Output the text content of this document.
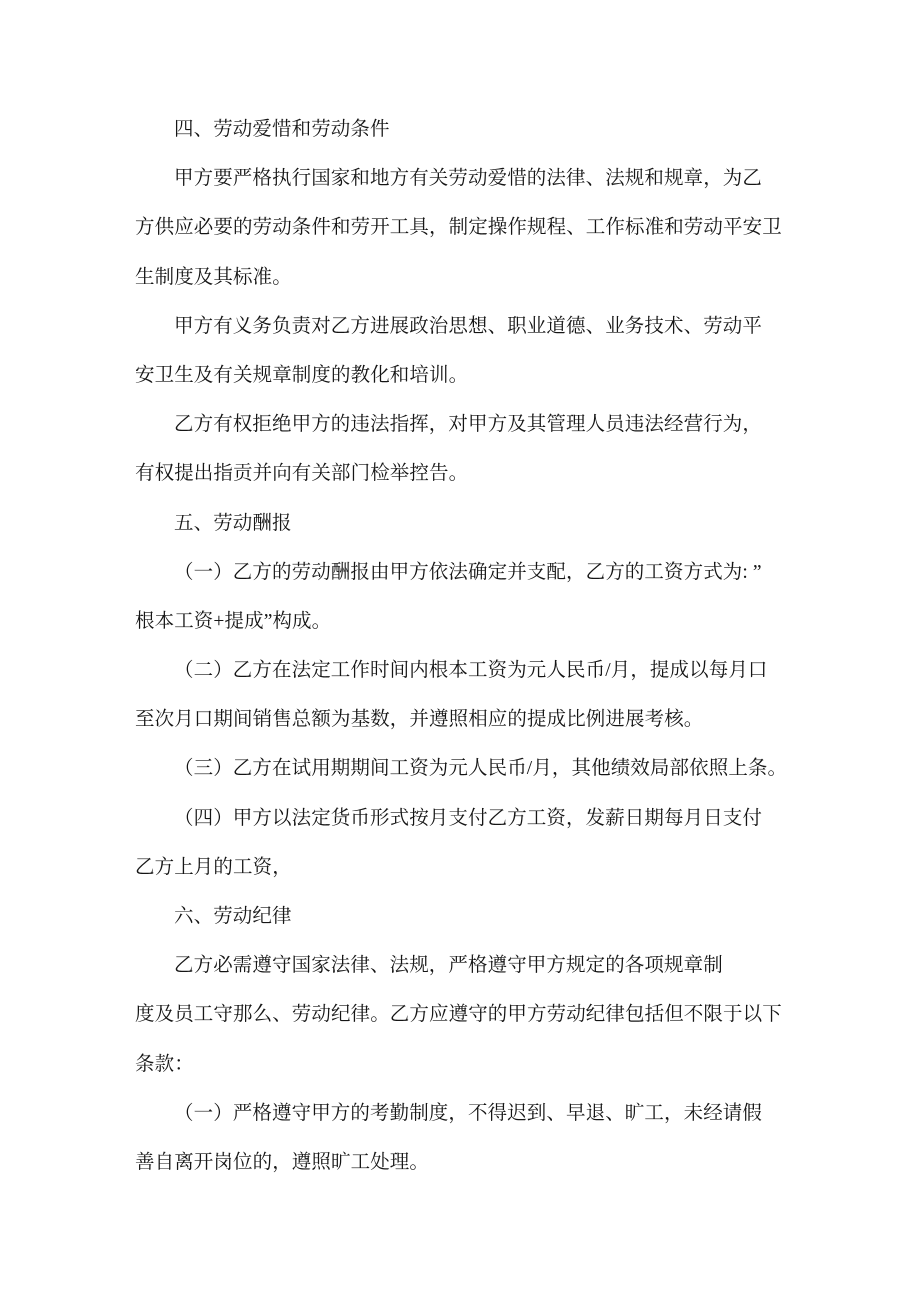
四、劳动爱惜和劳动条件
甲方要严格执行国家和地方有关劳动爱惜的法律、法规和规章，为乙
方供应必要的劳动条件和劳开工具，制定操作规程、工作标准和劳动平安卫
生制度及其标准。
甲方有义务负责对乙方进展政治思想、职业道德、业务技术、劳动平
安卫生及有关规章制度的教化和培训。
乙方有权拒绝甲方的违法指挥，对甲方及其管理人员违法经营行为，
有权提出指贡并向有关部门检举控告。
五、劳动酬报
（一）乙方的劳动酬报由甲方依法确定并支配，乙方的工资方式为: ”
根本工资+提成”构成。
（二）乙方在法定工作时间内根本工资为元人民币/月，提成以每月口
至次月口期间销售总额为基数，并遵照相应的提成比例进展考核。
（三）乙方在试用期期间工资为元人民币/月，其他绩效局部依照上条。
（四）甲方以法定货币形式按月支付乙方工资，发薪日期每月日支付
乙方上月的工资，
六、劳动纪律
乙方必需遵守国家法律、法规，严格遵守甲方规定的各项规章制
度及员工守那么、劳动纪律。乙方应遵守的甲方劳动纪律包括但不限于以下
条款：
（一）严格遵守甲方的考勤制度，不得迟到、早退、旷工，未经请假
善自离开岗位的，遵照旷工处理。
